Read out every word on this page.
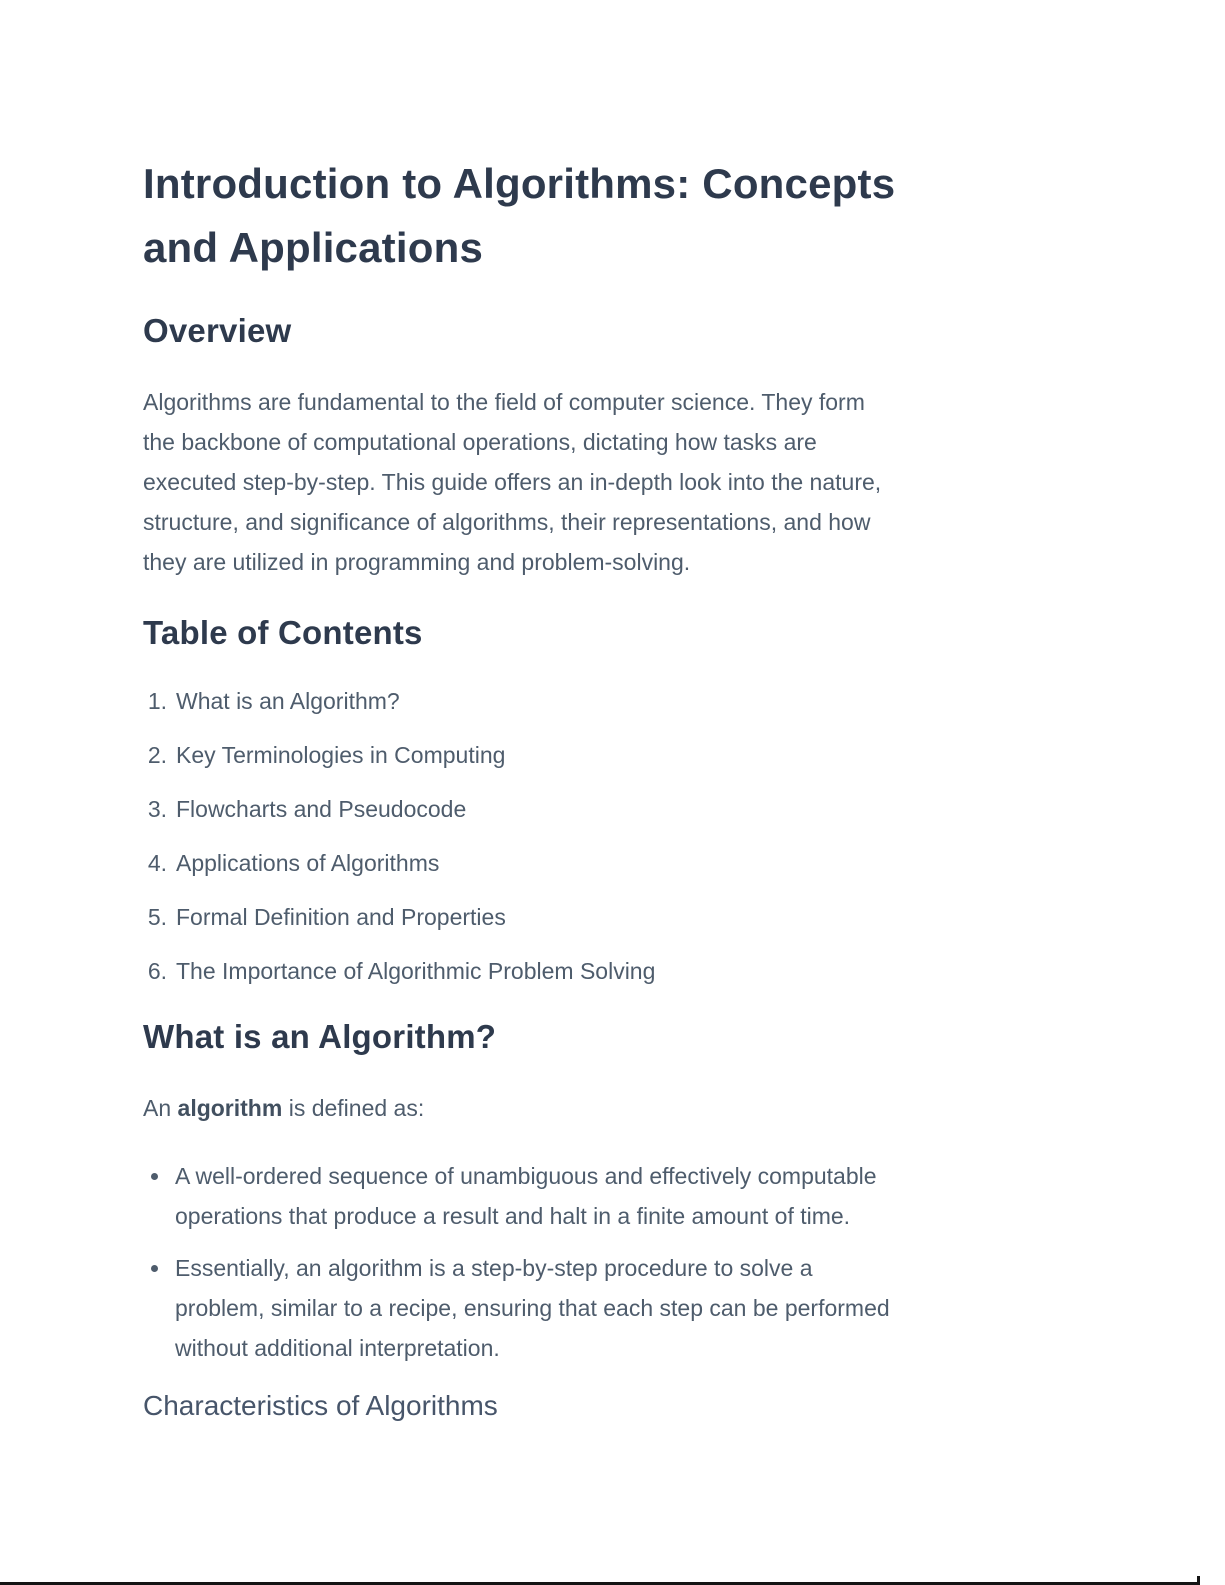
Introduction to Algorithms: Concepts
and Applications
Overview

Algorithms are fundamental to the field of computer science. They form
the backbone of computational operations, dictating how tasks are
executed step-by-step. This guide offers an in-depth look into the nature,
structure, and significance of algorithms, their representations, and how
they are utilized in programming and problem-solving.

Table of Contents
1. What is an Algorithm?
2. Key Terminologies in Computing
3. Flowcharts and Pseudocode
4. Applications of Algorithms
5. Formal Definition and Properties
6. The Importance of Algorithmic Problem Solving
What is an Algorithm?

An algorithm is defined as:

A well-ordered sequence of unambiguous and effectively computable
operations that produce a result and halt in a finite amount of time.
Essentially, an algorithm is a step-by-step procedure to solve a
problem, similar to a recipe, ensuring that each step can be performed
without additional interpretation.
Characteristics of Algorithms
